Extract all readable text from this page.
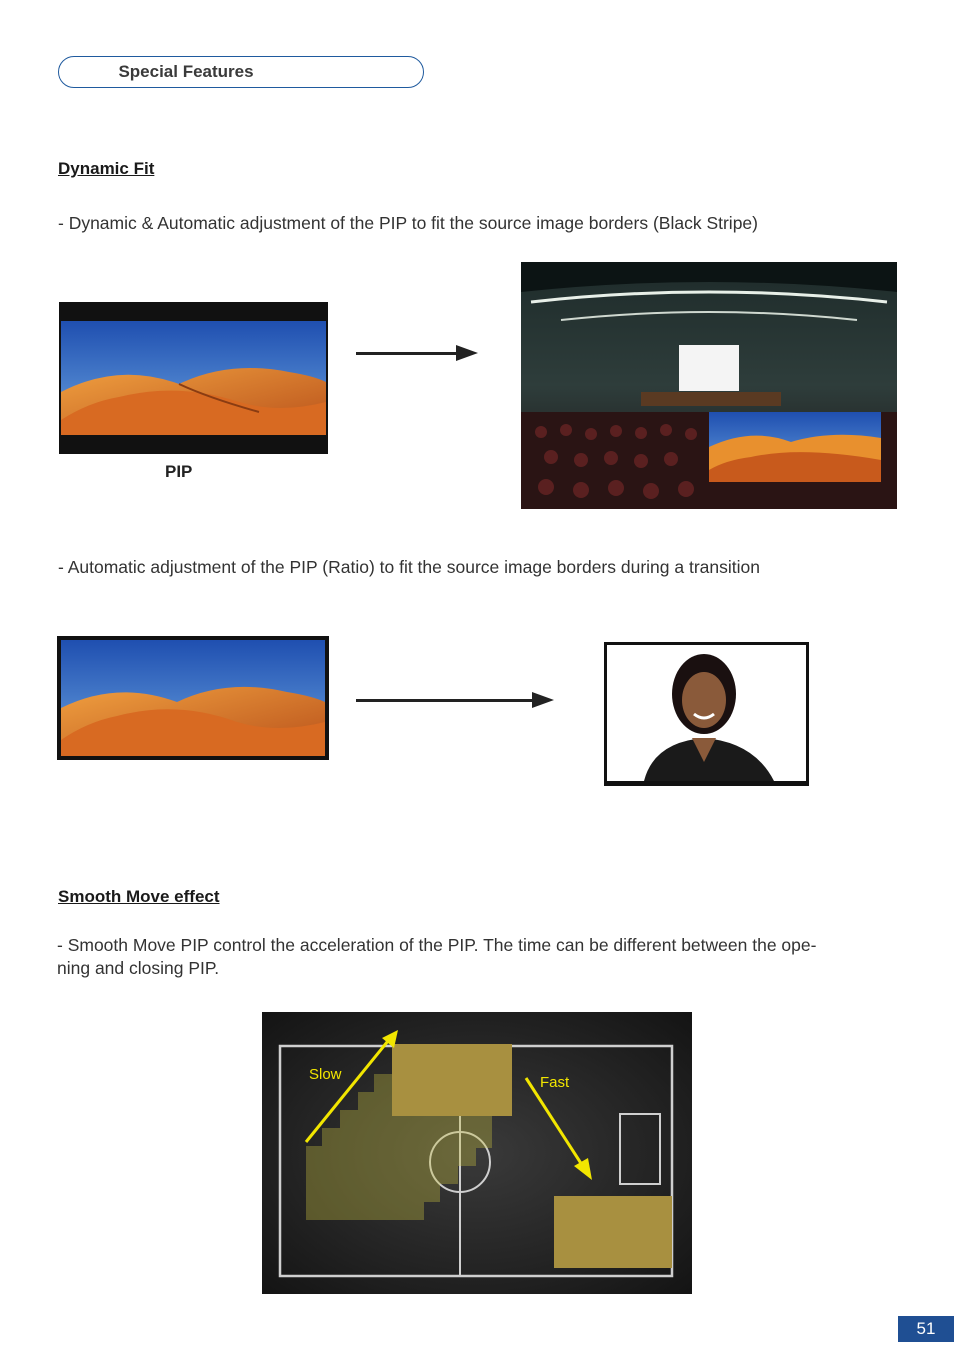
Special Features
Dynamic Fit
- Dynamic & Automatic adjustment of the PIP to fit the source image borders (Black Stripe)
PIP
- Automatic adjustment of the PIP (Ratio) to fit the source image borders during a transition
Smooth Move effect
- Smooth Move PIP control the acceleration of the PIP. The time can be different between the ope-
ning and closing PIP.
Slow	Fast
51
